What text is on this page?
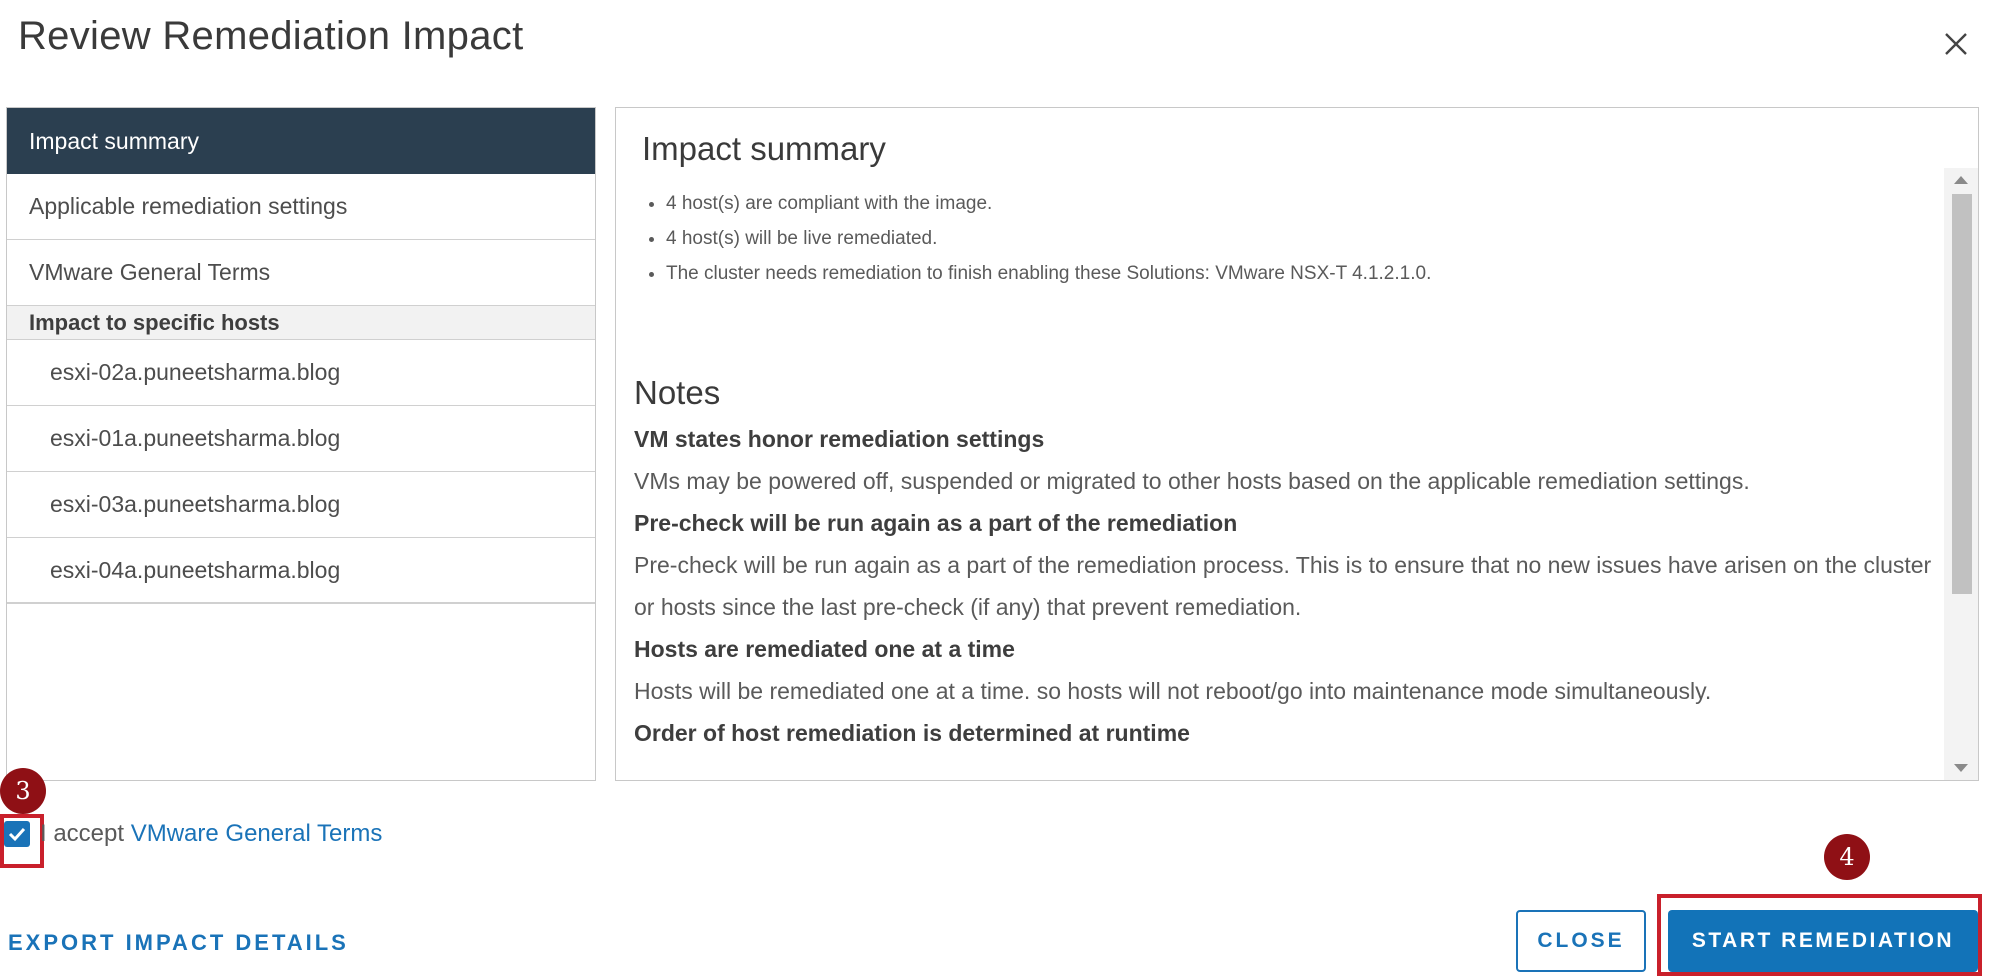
Review Remediation Impact
Impact summary
Applicable remediation settings
VMware General Terms
Impact to specific hosts
esxi-02a.puneetsharma.blog
esxi-01a.puneetsharma.blog
esxi-03a.puneetsharma.blog
esxi-04a.puneetsharma.blog
Impact summary
• 4 host(s) are compliant with the image.
• 4 host(s) will be live remediated.
• The cluster needs remediation to finish enabling these Solutions: VMware NSX-T 4.1.2.1.0.
Notes
VM states honor remediation settings
VMs may be powered off, suspended or migrated to other hosts based on the applicable remediation settings.
Pre-check will be run again as a part of the remediation
Pre-check will be run again as a part of the remediation process. This is to ensure that no new issues have arisen on the cluster or hosts since the last pre-check (if any) that prevent remediation.
Hosts are remediated one at a time
Hosts will be remediated one at a time. so hosts will not reboot/go into maintenance mode simultaneously.
Order of host remediation is determined at runtime
3
I accept VMware General Terms
EXPORT IMPACT DETAILS	CLOSE	START REMEDIATION
4
